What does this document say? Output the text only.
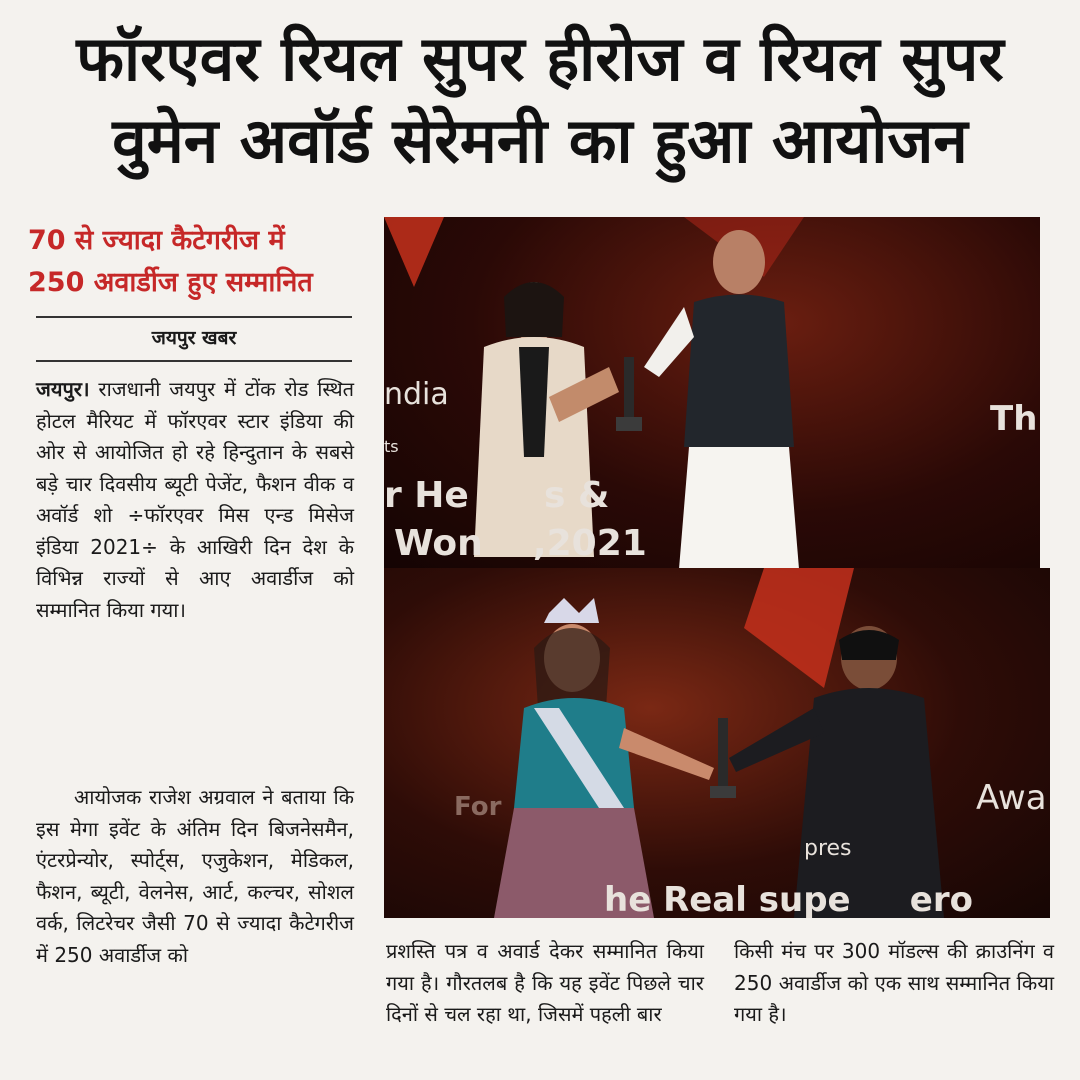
फॉरएवर रियल सुपर हीरोज व रियल सुपर
वुमेन अवॉर्ड सेरेमनी का हुआ आयोजन
70 से ज्यादा कैटेगरीज में
250 अवार्डीज हुए सम्मानित
जयपुर खबर
जयपुर। राजधानी जयपुर में टोंक रोड स्थित होटल मैरियट में फॉरएवर स्टार इंडिया की ओर से आयोजित हो रहे हिन्दुतान के सबसे बड़े चार दिवसीय ब्यूटी पेजेंट, फैशन वीक व अवॉर्ड शो ÷फॉरएवर मिस एन्ड मिसेज इंडिया 2021÷ के आखिरी दिन देश के विभिन्न राज्यों से आए अवार्डीज को सम्मानित किया गया।
आयोजक राजेश अग्रवाल ने बताया कि इस मेगा इवेंट के अंतिम दिन बिजनेसमैन, एंटरप्रेन्योर, स्पोर्ट्स, एजुकेशन, मेडिकल, फैशन, ब्यूटी, वेलनेस, आर्ट, कल्चर, सोशल वर्क, लिटरेचर जैसी 70 से ज्यादा कैटेगरीज में 250 अवार्डीज को	प्रशस्ति पत्र व अवार्ड देकर सम्मानित किया गया है। गौरतलब है कि यह इवेंट पिछले चार दिनों से चल रहा था, जिसमें पहली बार
किसी मंच पर 300 मॉडल्स की क्राउनिंग व 250 अवार्डीज को एक साथ सम्मानित किया गया है।
ndia
ts
r He      s &
Won    ,2021
Th
For	Awa
pres
he Real supe     ero
